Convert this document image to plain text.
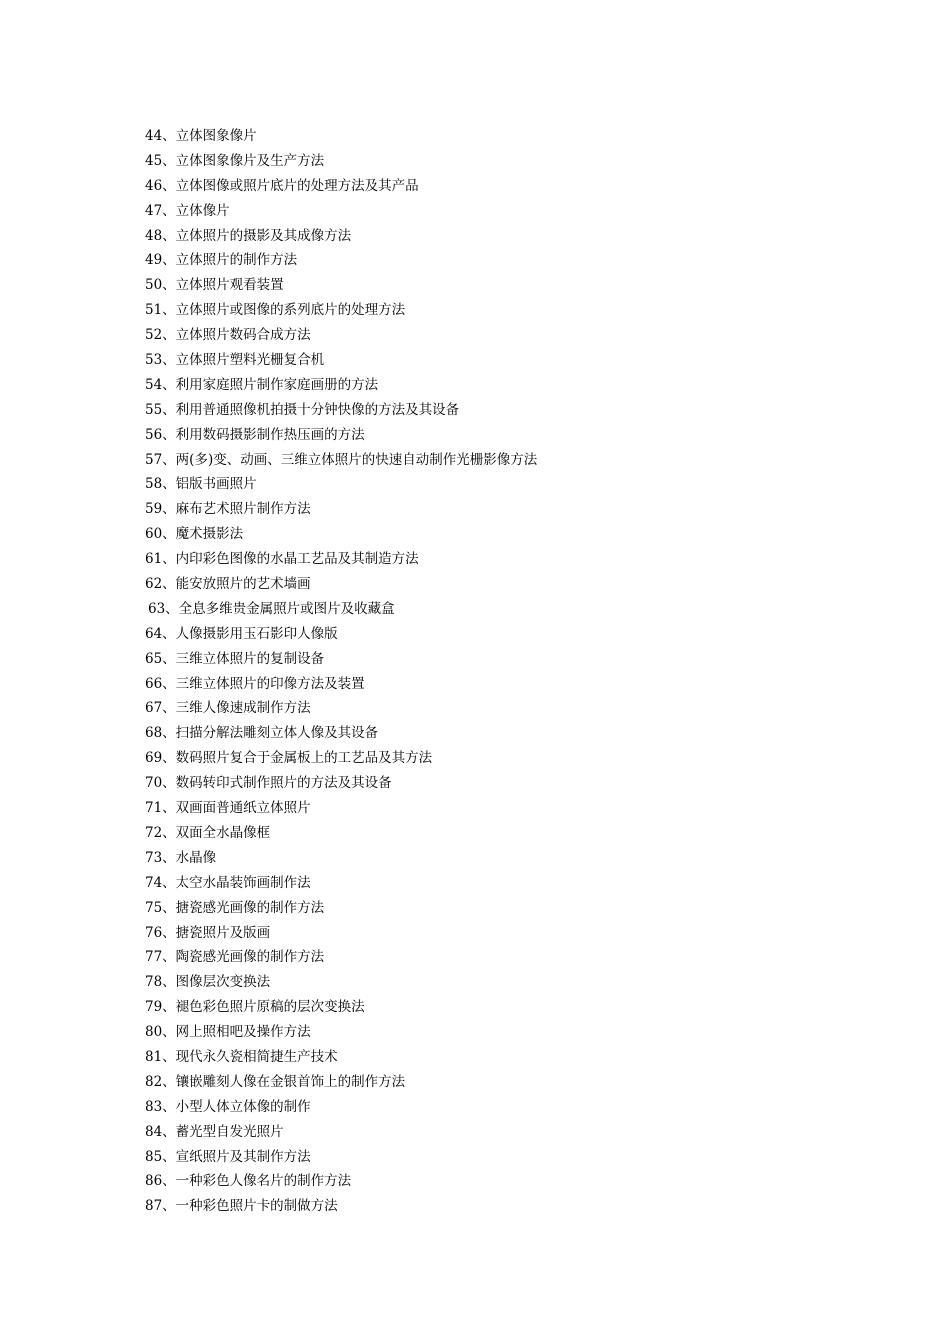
44、立体图象像片
45、立体图象像片及生产方法
46、立体图像或照片底片的处理方法及其产品
47、立体像片
48、立体照片的摄影及其成像方法
49、立体照片的制作方法
50、立体照片观看装置
51、立体照片或图像的系列底片的处理方法
52、立体照片数码合成方法
53、立体照片塑料光栅复合机
54、利用家庭照片制作家庭画册的方法
55、利用普通照像机拍摄十分钟快像的方法及其设备
56、利用数码摄影制作热压画的方法
57、两(多)变、动画、三维立体照片的快速自动制作光栅影像方法
58、铝版书画照片
59、麻布艺术照片制作方法
60、魔术摄影法
61、内印彩色图像的水晶工艺品及其制造方法
62、能安放照片的艺术墙画
63、全息多维贵金属照片或图片及收藏盒
64、人像摄影用玉石影印人像版
65、三维立体照片的复制设备
66、三维立体照片的印像方法及装置
67、三维人像速成制作方法
68、扫描分解法雕刻立体人像及其设备
69、数码照片复合于金属板上的工艺品及其方法
70、数码转印式制作照片的方法及其设备
71、双画面普通纸立体照片
72、双面全水晶像框
73、水晶像
74、太空水晶装饰画制作法
75、搪瓷感光画像的制作方法
76、搪瓷照片及版画
77、陶瓷感光画像的制作方法
78、图像层次变换法
79、褪色彩色照片原稿的层次变换法
80、网上照相吧及操作方法
81、现代永久瓷相简捷生产技术
82、镶嵌雕刻人像在金银首饰上的制作方法
83、小型人体立体像的制作
84、蓄光型自发光照片
85、宣纸照片及其制作方法
86、一种彩色人像名片的制作方法
87、一种彩色照片卡的制做方法
